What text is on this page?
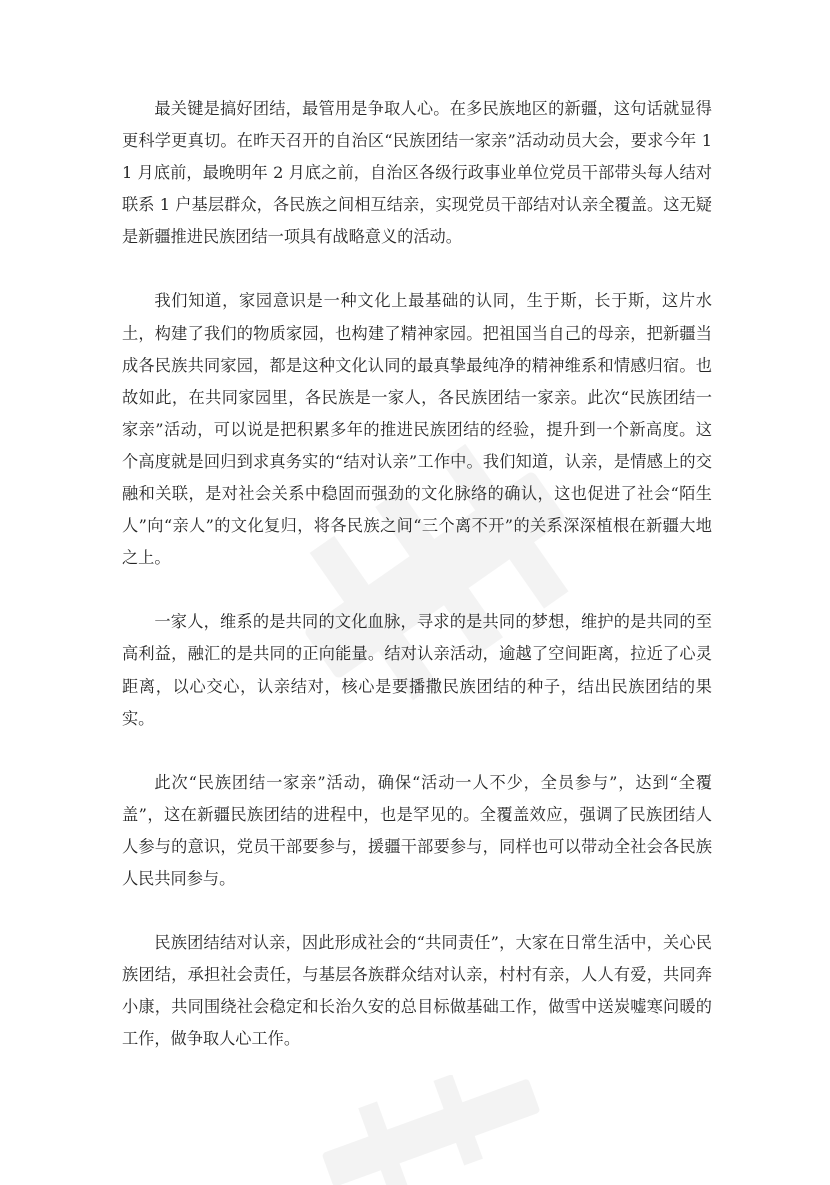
最关键是搞好团结，最管用是争取人心。在多民族地区的新疆，这句话就显得更科学更真切。在昨天召开的自治区“民族团结一家亲”活动动员大会，要求今年 11 月底前，最晚明年 2 月底之前，自治区各级行政事业单位党员干部带头每人结对联系 1 户基层群众，各民族之间相互结亲，实现党员干部结对认亲全覆盖。这无疑是新疆推进民族团结一项具有战略意义的活动。

我们知道，家园意识是一种文化上最基础的认同，生于斯，长于斯，这片水土，构建了我们的物质家园，也构建了精神家园。把祖国当自己的母亲，把新疆当成各民族共同家园，都是这种文化认同的最真挚最纯净的精神维系和情感归宿。也故如此，在共同家园里，各民族是一家人，各民族团结一家亲。此次“民族团结一家亲”活动，可以说是把积累多年的推进民族团结的经验，提升到一个新高度。这个高度就是回归到求真务实的“结对认亲”工作中。我们知道，认亲，是情感上的交融和关联，是对社会关系中稳固而强劲的文化脉络的确认，这也促进了社会“陌生人”向“亲人”的文化复归，将各民族之间“三个离不开”的关系深深植根在新疆大地之上。

一家人，维系的是共同的文化血脉，寻求的是共同的梦想，维护的是共同的至高利益，融汇的是共同的正向能量。结对认亲活动，逾越了空间距离，拉近了心灵距离，以心交心，认亲结对，核心是要播撒民族团结的种子，结出民族团结的果实。

此次“民族团结一家亲”活动，确保“活动一人不少，全员参与”，达到“全覆盖”，这在新疆民族团结的进程中，也是罕见的。全覆盖效应，强调了民族团结人人参与的意识，党员干部要参与，援疆干部要参与，同样也可以带动全社会各民族人民共同参与。

民族团结结对认亲，因此形成社会的“共同责任”，大家在日常生活中，关心民族团结，承担社会责任，与基层各族群众结对认亲，村村有亲，人人有爱，共同奔小康，共同围绕社会稳定和长治久安的总目标做基础工作，做雪中送炭嘘寒问暖的工作，做争取人心工作。
